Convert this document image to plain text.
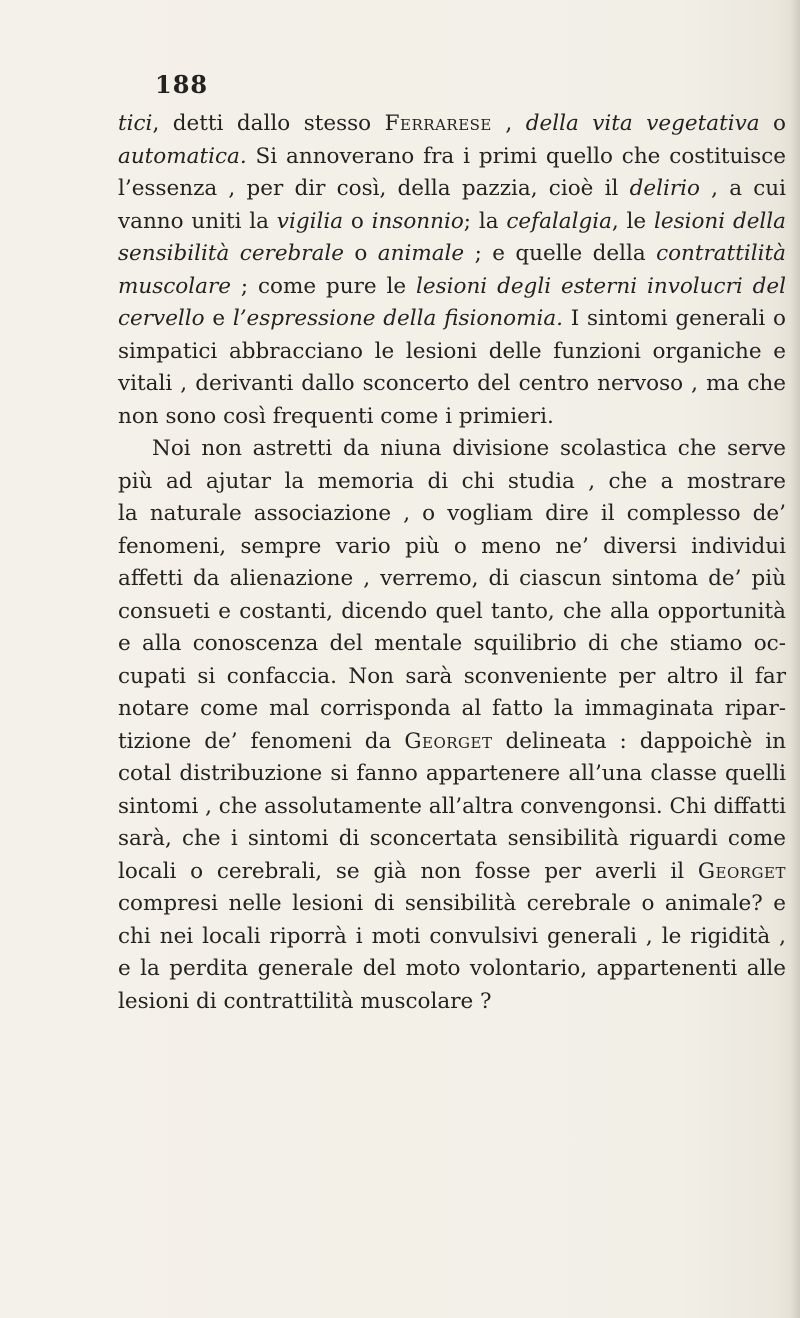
188
tici, detti dallo stesso Ferrarese , della vita vegetativa o
automatica. Si annoverano fra i primi quello che costituisce
l’essenza , per dir così, della pazzia, cioè il delirio , a cui
vanno uniti la vigilia o insonnio; la cefalalgia, le lesioni della
sensibilità cerebrale o animale ; e quelle della contrattilità
muscolare ; come pure le lesioni degli esterni involucri del
cervello e l’espressione della fisionomia. I sintomi generali o
simpatici abbracciano le lesioni delle funzioni organiche e
vitali , derivanti dallo sconcerto del centro nervoso , ma che
non sono così frequenti come i primieri.
Noi non astretti da niuna divisione scolastica che serve
più ad ajutar la memoria di chi studia , che a mostrare
la naturale associazione , o vogliam dire il complesso de’
fenomeni, sempre vario più o meno ne’ diversi individui
affetti da alienazione , verremo, di ciascun sintoma de’ più
consueti e costanti, dicendo quel tanto, che alla opportunità
e alla conoscenza del mentale squilibrio di che stiamo oc-
cupati si confaccia. Non sarà sconveniente per altro il far
notare come mal corrisponda al fatto la immaginata ripar-
tizione de’ fenomeni da Georget delineata : dappoichè in
cotal distribuzione si fanno appartenere all’una classe quelli
sintomi , che assolutamente all’altra convengonsi. Chi diffatti
sarà, che i sintomi di sconcertata sensibilità riguardi come
locali o cerebrali, se già non fosse per averli il Georget
compresi nelle lesioni di sensibilità cerebrale o animale? e
chi nei locali riporrà i moti convulsivi generali , le rigidità ,
e la perdita generale del moto volontario, appartenenti alle
lesioni di contrattilità muscolare ?
